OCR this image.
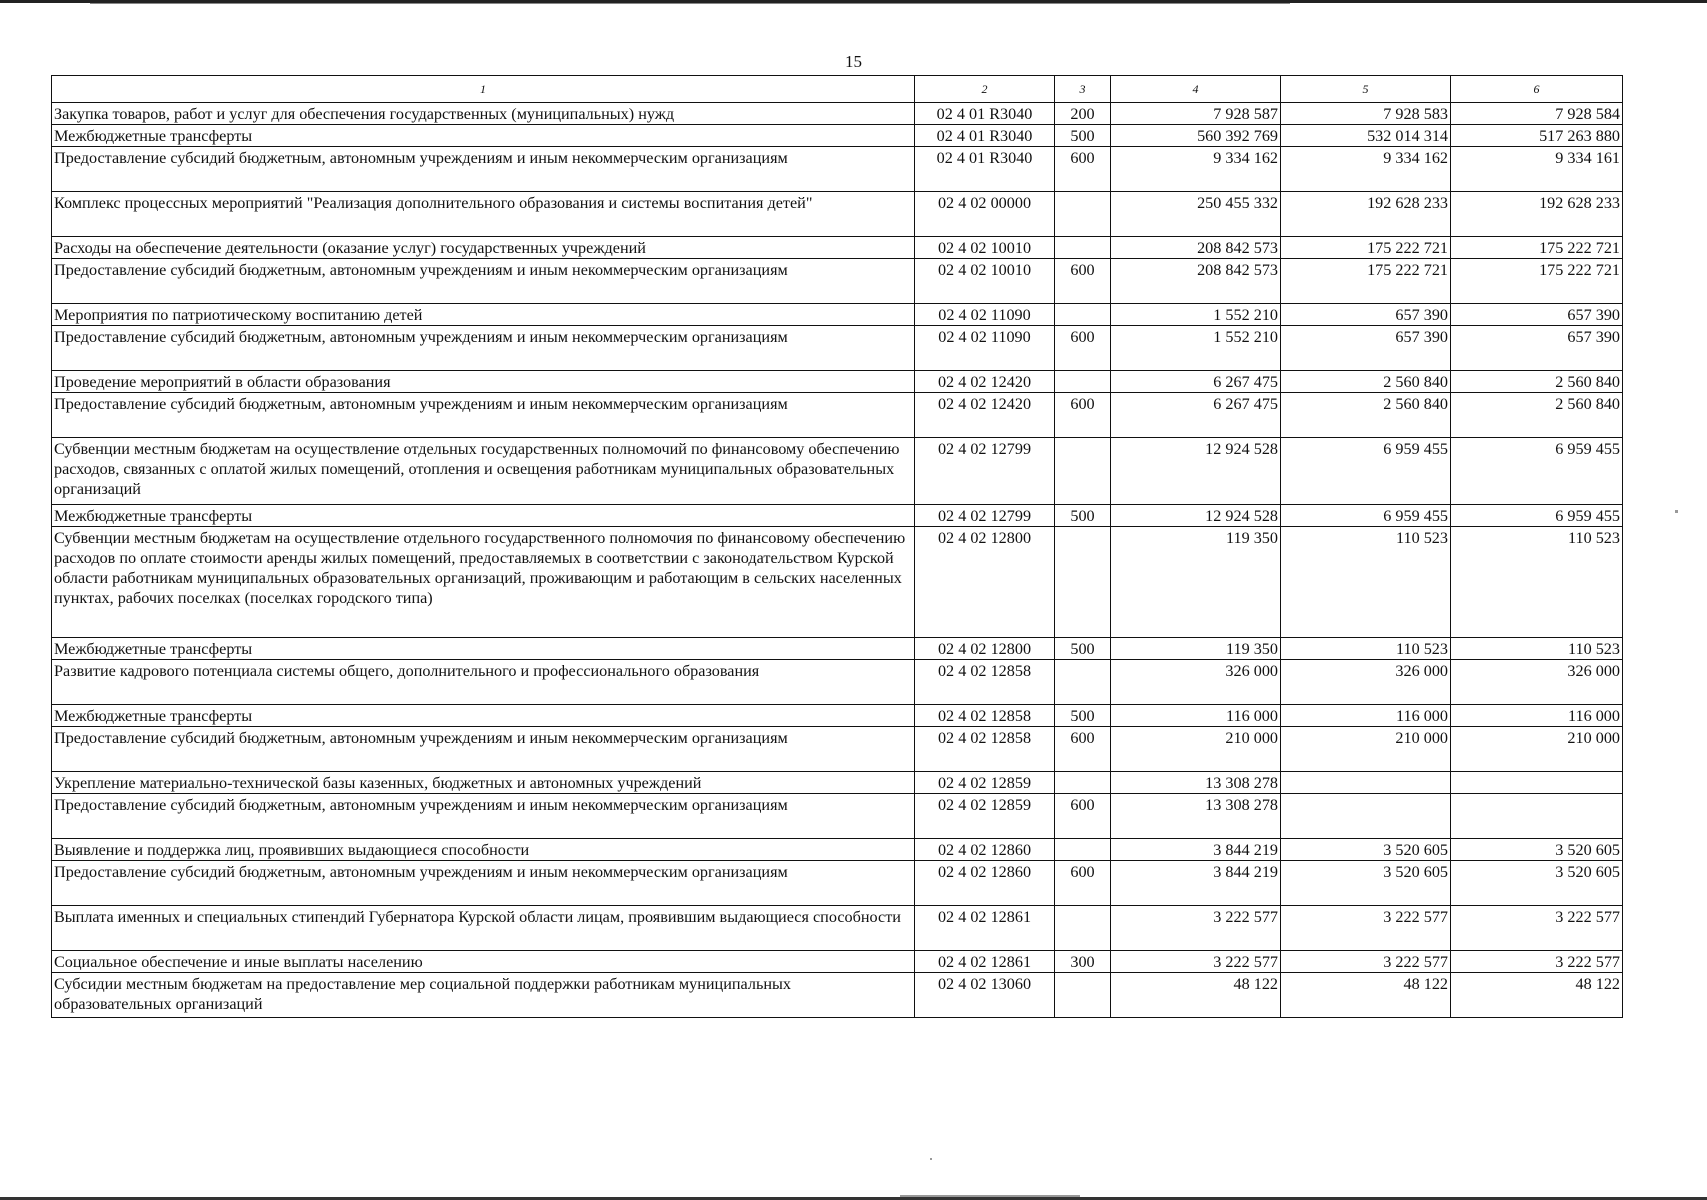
15
1	2	3	4	5	6
Закупка товаров, работ и услуг для обеспечения государственных (муниципальных) нужд	02 4 01 R3040	200	7 928 587	7 928 583	7 928 584
Межбюджетные трансферты	02 4 01 R3040	500	560 392 769	532 014 314	517 263 880
Предоставление субсидий бюджетным, автономным учреждениям и иным некоммерческим организациям	02 4 01 R3040	600	9 334 162	9 334 162	9 334 161
Комплекс процессных мероприятий "Реализация дополнительного образования и системы воспитания детей"	02 4 02 00000		250 455 332	192 628 233	192 628 233
Расходы на обеспечение деятельности (оказание услуг) государственных учреждений	02 4 02 10010		208 842 573	175 222 721	175 222 721
Предоставление субсидий бюджетным, автономным учреждениям и иным некоммерческим организациям	02 4 02 10010	600	208 842 573	175 222 721	175 222 721
Мероприятия по патриотическому воспитанию детей	02 4 02 11090		1 552 210	657 390	657 390
Предоставление субсидий бюджетным, автономным учреждениям и иным некоммерческим организациям	02 4 02 11090	600	1 552 210	657 390	657 390
Проведение мероприятий в области образования	02 4 02 12420		6 267 475	2 560 840	2 560 840
Предоставление субсидий бюджетным, автономным учреждениям и иным некоммерческим организациям	02 4 02 12420	600	6 267 475	2 560 840	2 560 840
Субвенции местным бюджетам на осуществление отдельных государственных полномочий по финансовому обеспечению расходов, связанных с оплатой жилых помещений, отопления и освещения работникам муниципальных образовательных организаций	02 4 02 12799		12 924 528	6 959 455	6 959 455
Межбюджетные трансферты	02 4 02 12799	500	12 924 528	6 959 455	6 959 455
Субвенции местным бюджетам на осуществление отдельного государственного полномочия по финансовому обеспечению расходов по оплате стоимости аренды жилых помещений, предоставляемых в соответствии с законодательством Курской области работникам муниципальных образовательных организаций, проживающим и работающим в сельских населенных пунктах, рабочих поселках (поселках городского типа)	02 4 02 12800		119 350	110 523	110 523
Межбюджетные трансферты	02 4 02 12800	500	119 350	110 523	110 523
Развитие кадрового потенциала системы общего, дополнительного и профессионального образования	02 4 02 12858		326 000	326 000	326 000
Межбюджетные трансферты	02 4 02 12858	500	116 000	116 000	116 000
Предоставление субсидий бюджетным, автономным учреждениям и иным некоммерческим организациям	02 4 02 12858	600	210 000	210 000	210 000
Укрепление материально-технической базы казенных, бюджетных и автономных учреждений	02 4 02 12859		13 308 278		
Предоставление субсидий бюджетным, автономным учреждениям и иным некоммерческим организациям	02 4 02 12859	600	13 308 278		
Выявление и поддержка лиц, проявивших выдающиеся способности	02 4 02 12860		3 844 219	3 520 605	3 520 605
Предоставление субсидий бюджетным, автономным учреждениям и иным некоммерческим организациям	02 4 02 12860	600	3 844 219	3 520 605	3 520 605
Выплата именных и специальных стипендий Губернатора Курской области лицам, проявившим выдающиеся способности	02 4 02 12861		3 222 577	3 222 577	3 222 577
Социальное обеспечение и иные выплаты населению	02 4 02 12861	300	3 222 577	3 222 577	3 222 577
Субсидии местным бюджетам на предоставление мер социальной поддержки работникам муниципальных образовательных организаций	02 4 02 13060		48 122	48 122	48 122
